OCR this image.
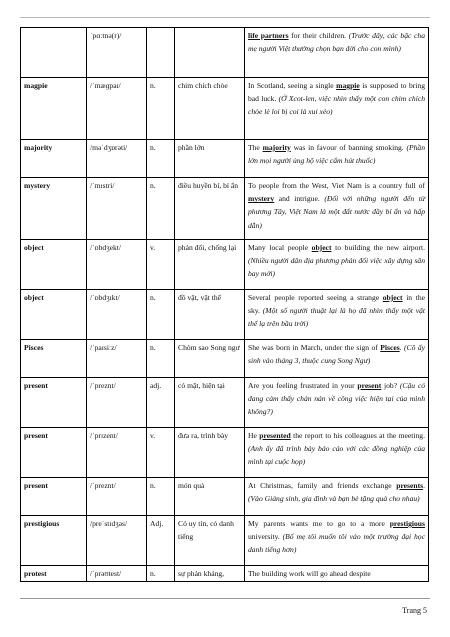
	ˈpɑːtnə(r)/			life partners for their children. (Trước đây, các bậc cha mẹ người Việt thường chọn bạn đời cho con mình)
magpie	/ˈmæɡpaɪ/	n.	chim chích chòe	In Scotland, seeing a single magpie is supposed to bring bad luck. (Ở Xcot-len, việc nhìn thấy một con chim chích chòe lẻ loi bị coi là xui xẻo)
majority	/məˈdʒɒrəti/	n.	phần lớn	The majority was in favour of banning smoking. (Phần lớn mọi người ủng hộ việc cấm hút thuốc)
mystery	/ˈmɪstri/	n.	điều huyền bí, bí ẩn	To people from the West, Viet Nam is a country full of mystery and intrigue. (Đối với những người đến từ phương Tây, Việt Nam là một đất nước đầy bí ẩn và hấp dẫn)
object	/ˈɒbdʒekt/	v.	phản đối, chống lại	Many local people object to building the new airport. (Nhiều người dân địa phương phản đối việc xây dựng sân bay mới)
object	/ˈɒbdʒɪkt/	n.	đồ vật, vật thể	Several people reported seeing a strange object in the sky. (Một số người thuật lại là họ đã nhìn thấy một vật thể lạ trên bầu trời)
Pisces	/ˈpaɪsiːz/	n.	Chòm sao Song ngư	She was born in March, under the sign of Pisces. (Cô ấy sinh vào tháng 3, thuộc cung Song Ngư)
present	/ˈpreznt/	adj.	có mặt, hiện tại	Are you feeling frustrated in your present job? (Cậu có đang cảm thấy chán nản về công việc hiện tại của mình không?)
present	/ˈprɪzent/	v.	đưa ra, trình bày	He presented the report to his colleagues at the meeting. (Anh ấy đã trình bày báo cáo với các đồng nghiệp của mình tại cuộc họp)
present	/ˈpreznt/	n.	món quà	At Christmas, family and friends exchange presents. (Vào Giáng sinh, gia đình và bạn bè tặng quà cho nhau)
prestigious	/preˈstɪdʒəs/	Adj.	Có uy tín, có danh tiếng	My parents wants me to go to a more prestigious university. (Bố mẹ tôi muốn tôi vào một trường đại học danh tiếng hơn)
protest	/ˈprəʊtest/	n.	sự phản kháng,	The building work will go ahead despite
Trang 5
